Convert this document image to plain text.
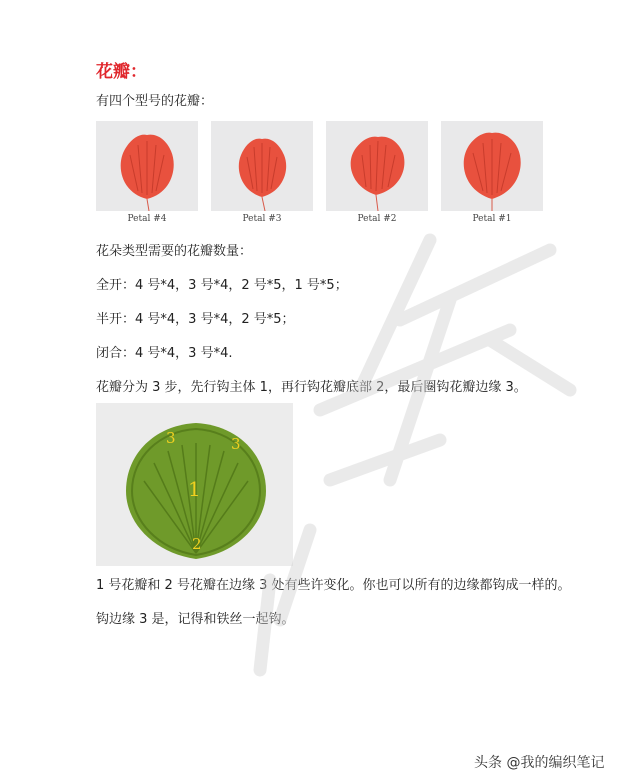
花瓣：
有四个型号的花瓣：
Petal #4	Petal #3	Petal #2	Petal #1
花朵类型需要的花瓣数量：
全开：4 号*4，3 号*4，2 号*5，1 号*5；
半开：4 号*4，3 号*4，2 号*5；
闭合：4 号*4，3 号*4.
花瓣分为 3 步，先行钩主体 1，再行钩花瓣底部 2，最后圈钩花瓣边缘 3。
3	3
1
2
1 号花瓣和 2 号花瓣在边缘 3 处有些许变化。你也可以所有的边缘都钩成一样的。
钩边缘 3 是，记得和铁丝一起钩。
头条 @我的编织笔记
